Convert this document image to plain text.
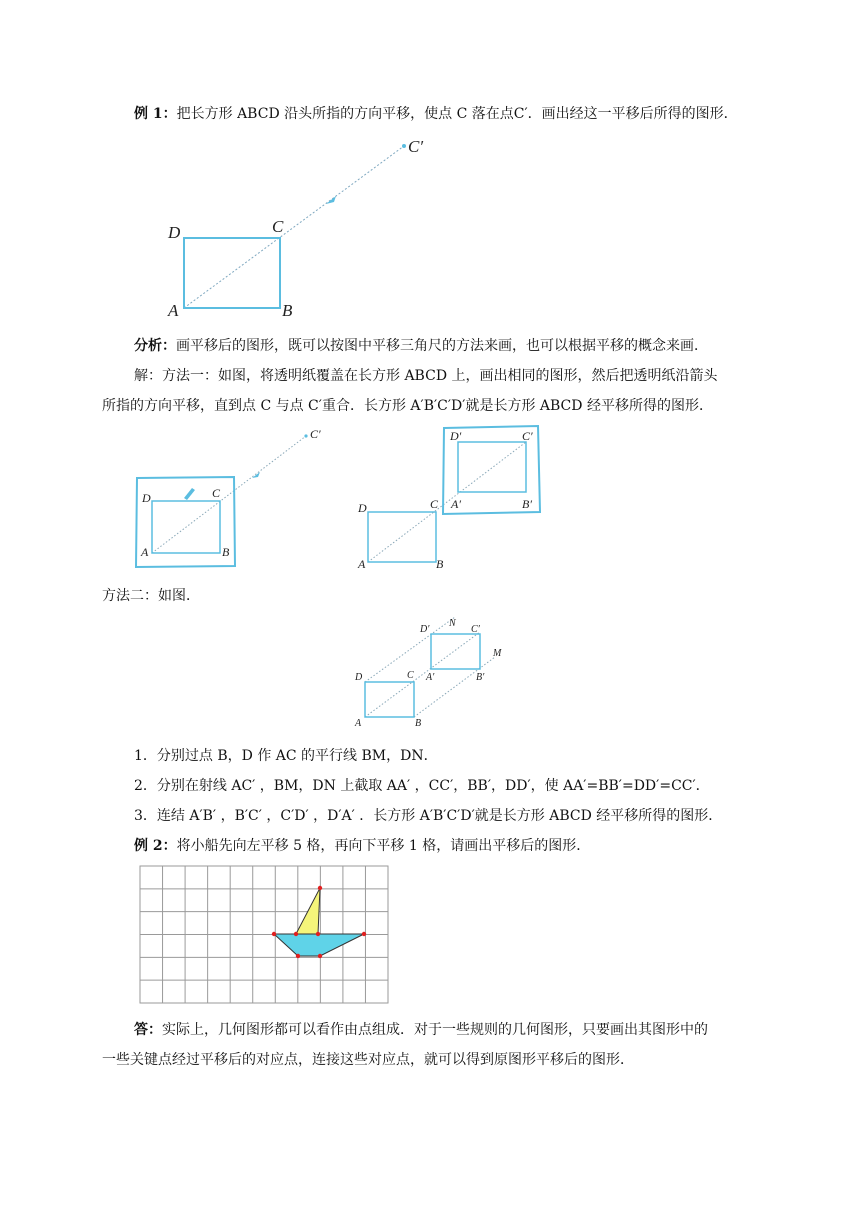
例 1：把长方形 ABCD 沿头所指的方向平移，使点 C 落在点C′．画出经这一平移后所得的图形．
D	C
A	B
C′
分析：画平移后的图形，既可以按图中平移三角尺的方法来画，也可以根据平移的概念来画．
解：方法一：如图，将透明纸覆盖在长方形 ABCD 上，画出相同的图形，然后把透明纸沿箭头
所指的方向平移，直到点 C 与点 C′重合．长方形 A′B′C′D′就是长方形 ABCD 经平移所得的图形．
D	C
A	B
C′
D	C
A	B
D′	C′
A′	B′
方法二：如图．
D	C
A	B
D′
N
C′
M
A′	B′
1．分别过点 B，D 作 AC 的平行线 BM，DN．
2．分别在射线 AC′ ，BM，DN 上截取 AA′ ，CC′，BB′，DD′，使 AA′=BB′=DD′=CC′．
3．连结 A′B′ ，B′C′ ，C′D′ ，D′A′ ．长方形 A′B′C′D′就是长方形 ABCD 经平移所得的图形．
例 2：将小船先向左平移 5 格，再向下平移 1 格，请画出平移后的图形．
答：实际上，几何图形都可以看作由点组成．对于一些规则的几何图形，只要画出其图形中的
一些关键点经过平移后的对应点，连接这些对应点，就可以得到原图形平移后的图形．
